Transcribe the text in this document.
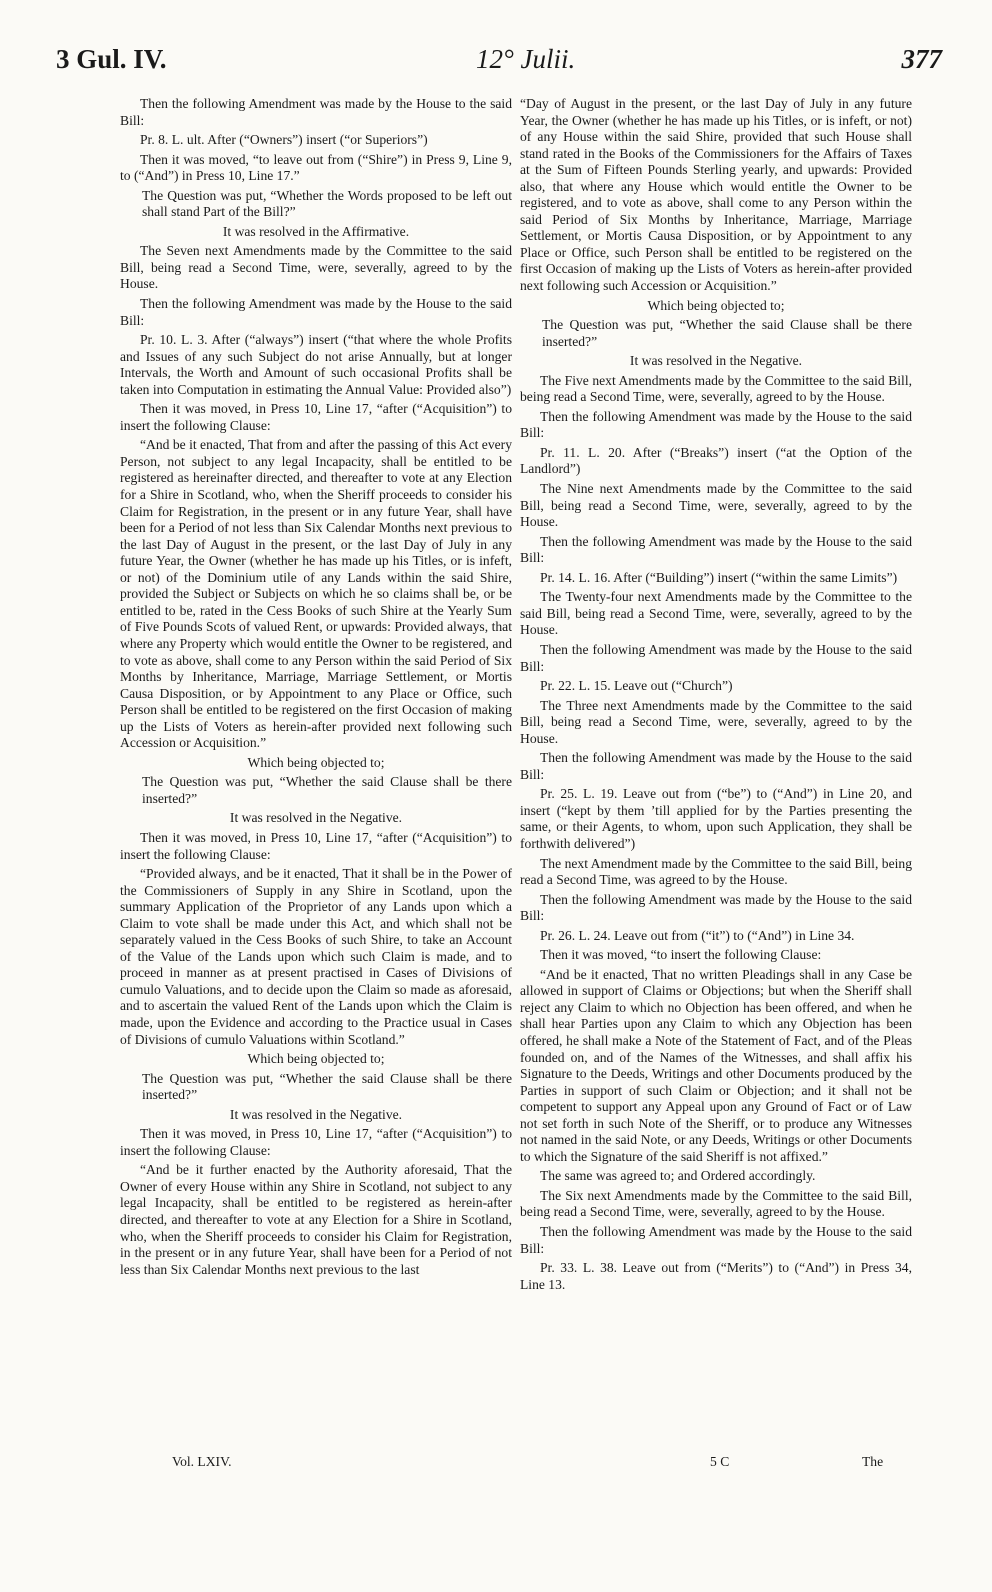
3 Gul. IV.	12° Julii.	377

Then the following Amendment was made by the House to the said Bill:

Pr. 8. L. ult. After (“Owners”) insert (“or Superiors”)

Then it was moved, “to leave out from (“Shire”) in Press 9, Line 9, to (“And”) in Press 10, Line 17.”

The Question was put, “Whether the Words proposed to be left out shall stand Part of the Bill?”

It was resolved in the Affirmative.

The Seven next Amendments made by the Committee to the said Bill, being read a Second Time, were, severally, agreed to by the House.

Then the following Amendment was made by the House to the said Bill:

Pr. 10. L. 3. After (“always”) insert (“that where the whole Profits and Issues of any such Subject do not arise Annually, but at longer Intervals, the Worth and Amount of such occasional Profits shall be taken into Computation in estimating the Annual Value: Provided also”)

Then it was moved, in Press 10, Line 17, “after (“Acquisition”) to insert the following Clause:

“And be it enacted, That from and after the passing of this Act every Person, not subject to any legal Incapacity, shall be entitled to be registered as hereinafter directed, and thereafter to vote at any Election for a Shire in Scotland, who, when the Sheriff proceeds to consider his Claim for Registration, in the present or in any future Year, shall have been for a Period of not less than Six Calendar Months next previous to the last Day of August in the present, or the last Day of July in any future Year, the Owner (whether he has made up his Titles, or is infeft, or not) of the Dominium utile of any Lands within the said Shire, provided the Subject or Subjects on which he so claims shall be, or be entitled to be, rated in the Cess Books of such Shire at the Yearly Sum of Five Pounds Scots of valued Rent, or upwards: Provided always, that where any Property which would entitle the Owner to be registered, and to vote as above, shall come to any Person within the said Period of Six Months by Inheritance, Marriage, Marriage Settlement, or Mortis Causa Disposition, or by Appointment to any Place or Office, such Person shall be entitled to be registered on the first Occasion of making up the Lists of Voters as herein-after provided next following such Accession or Acquisition.”

Which being objected to;

The Question was put, “Whether the said Clause shall be there inserted?”

It was resolved in the Negative.

Then it was moved, in Press 10, Line 17, “after (“Acquisition”) to insert the following Clause:

“Provided always, and be it enacted, That it shall be in the Power of the Commissioners of Supply in any Shire in Scotland, upon the summary Application of the Proprietor of any Lands upon which a Claim to vote shall be made under this Act, and which shall not be separately valued in the Cess Books of such Shire, to take an Account of the Value of the Lands upon which such Claim is made, and to proceed in manner as at present practised in Cases of Divisions of cumulo Valuations, and to decide upon the Claim so made as aforesaid, and to ascertain the valued Rent of the Lands upon which the Claim is made, upon the Evidence and according to the Practice usual in Cases of Divisions of cumulo Valuations within Scotland.”

Which being objected to;

The Question was put, “Whether the said Clause shall be there inserted?”

It was resolved in the Negative.

Then it was moved, in Press 10, Line 17, “after (“Acquisition”) to insert the following Clause:

“And be it further enacted by the Authority aforesaid, That the Owner of every House within any Shire in Scotland, not subject to any legal Incapacity, shall be entitled to be registered as herein-after directed, and thereafter to vote at any Election for a Shire in Scotland, who, when the Sheriff proceeds to consider his Claim for Registration, in the present or in any future Year, shall have been for a Period of not less than Six Calendar Months next previous to the last

“Day of August in the present, or the last Day of July in any future Year, the Owner (whether he has made up his Titles, or is infeft, or not) of any House within the said Shire, provided that such House shall stand rated in the Books of the Commissioners for the Affairs of Taxes at the Sum of Fifteen Pounds Sterling yearly, and upwards: Provided also, that where any House which would entitle the Owner to be registered, and to vote as above, shall come to any Person within the said Period of Six Months by Inheritance, Marriage, Marriage Settlement, or Mortis Causa Disposition, or by Appointment to any Place or Office, such Person shall be entitled to be registered on the first Occasion of making up the Lists of Voters as herein-after provided next following such Accession or Acquisition.”

Which being objected to;

The Question was put, “Whether the said Clause shall be there inserted?”

It was resolved in the Negative.

The Five next Amendments made by the Committee to the said Bill, being read a Second Time, were, severally, agreed to by the House.

Then the following Amendment was made by the House to the said Bill:

Pr. 11. L. 20. After (“Breaks”) insert (“at the Option of the Landlord”)

The Nine next Amendments made by the Committee to the said Bill, being read a Second Time, were, severally, agreed to by the House.

Then the following Amendment was made by the House to the said Bill:

Pr. 14. L. 16. After (“Building”) insert (“within the same Limits”)

The Twenty-four next Amendments made by the Committee to the said Bill, being read a Second Time, were, severally, agreed to by the House.

Then the following Amendment was made by the House to the said Bill:

Pr. 22. L. 15. Leave out (“Church”)

The Three next Amendments made by the Committee to the said Bill, being read a Second Time, were, severally, agreed to by the House.

Then the following Amendment was made by the House to the said Bill:

Pr. 25. L. 19. Leave out from (“be”) to (“And”) in Line 20, and insert (“kept by them ’till applied for by the Parties presenting the same, or their Agents, to whom, upon such Application, they shall be forthwith delivered”)

The next Amendment made by the Committee to the said Bill, being read a Second Time, was agreed to by the House.

Then the following Amendment was made by the House to the said Bill:

Pr. 26. L. 24. Leave out from (“it”) to (“And”) in Line 34.

Then it was moved, “to insert the following Clause:

“And be it enacted, That no written Pleadings shall in any Case be allowed in support of Claims or Objections; but when the Sheriff shall reject any Claim to which no Objection has been offered, and when he shall hear Parties upon any Claim to which any Objection has been offered, he shall make a Note of the Statement of Fact, and of the Pleas founded on, and of the Names of the Witnesses, and shall affix his Signature to the Deeds, Writings and other Documents produced by the Parties in support of such Claim or Objection; and it shall not be competent to support any Appeal upon any Ground of Fact or of Law not set forth in such Note of the Sheriff, or to produce any Witnesses not named in the said Note, or any Deeds, Writings or other Documents to which the Signature of the said Sheriff is not affixed.”

The same was agreed to; and Ordered accordingly.

The Six next Amendments made by the Committee to the said Bill, being read a Second Time, were, severally, agreed to by the House.

Then the following Amendment was made by the House to the said Bill:

Pr. 33. L. 38. Leave out from (“Merits”) to (“And”) in Press 34, Line 13.

Vol. LXIV.	5 C	The
